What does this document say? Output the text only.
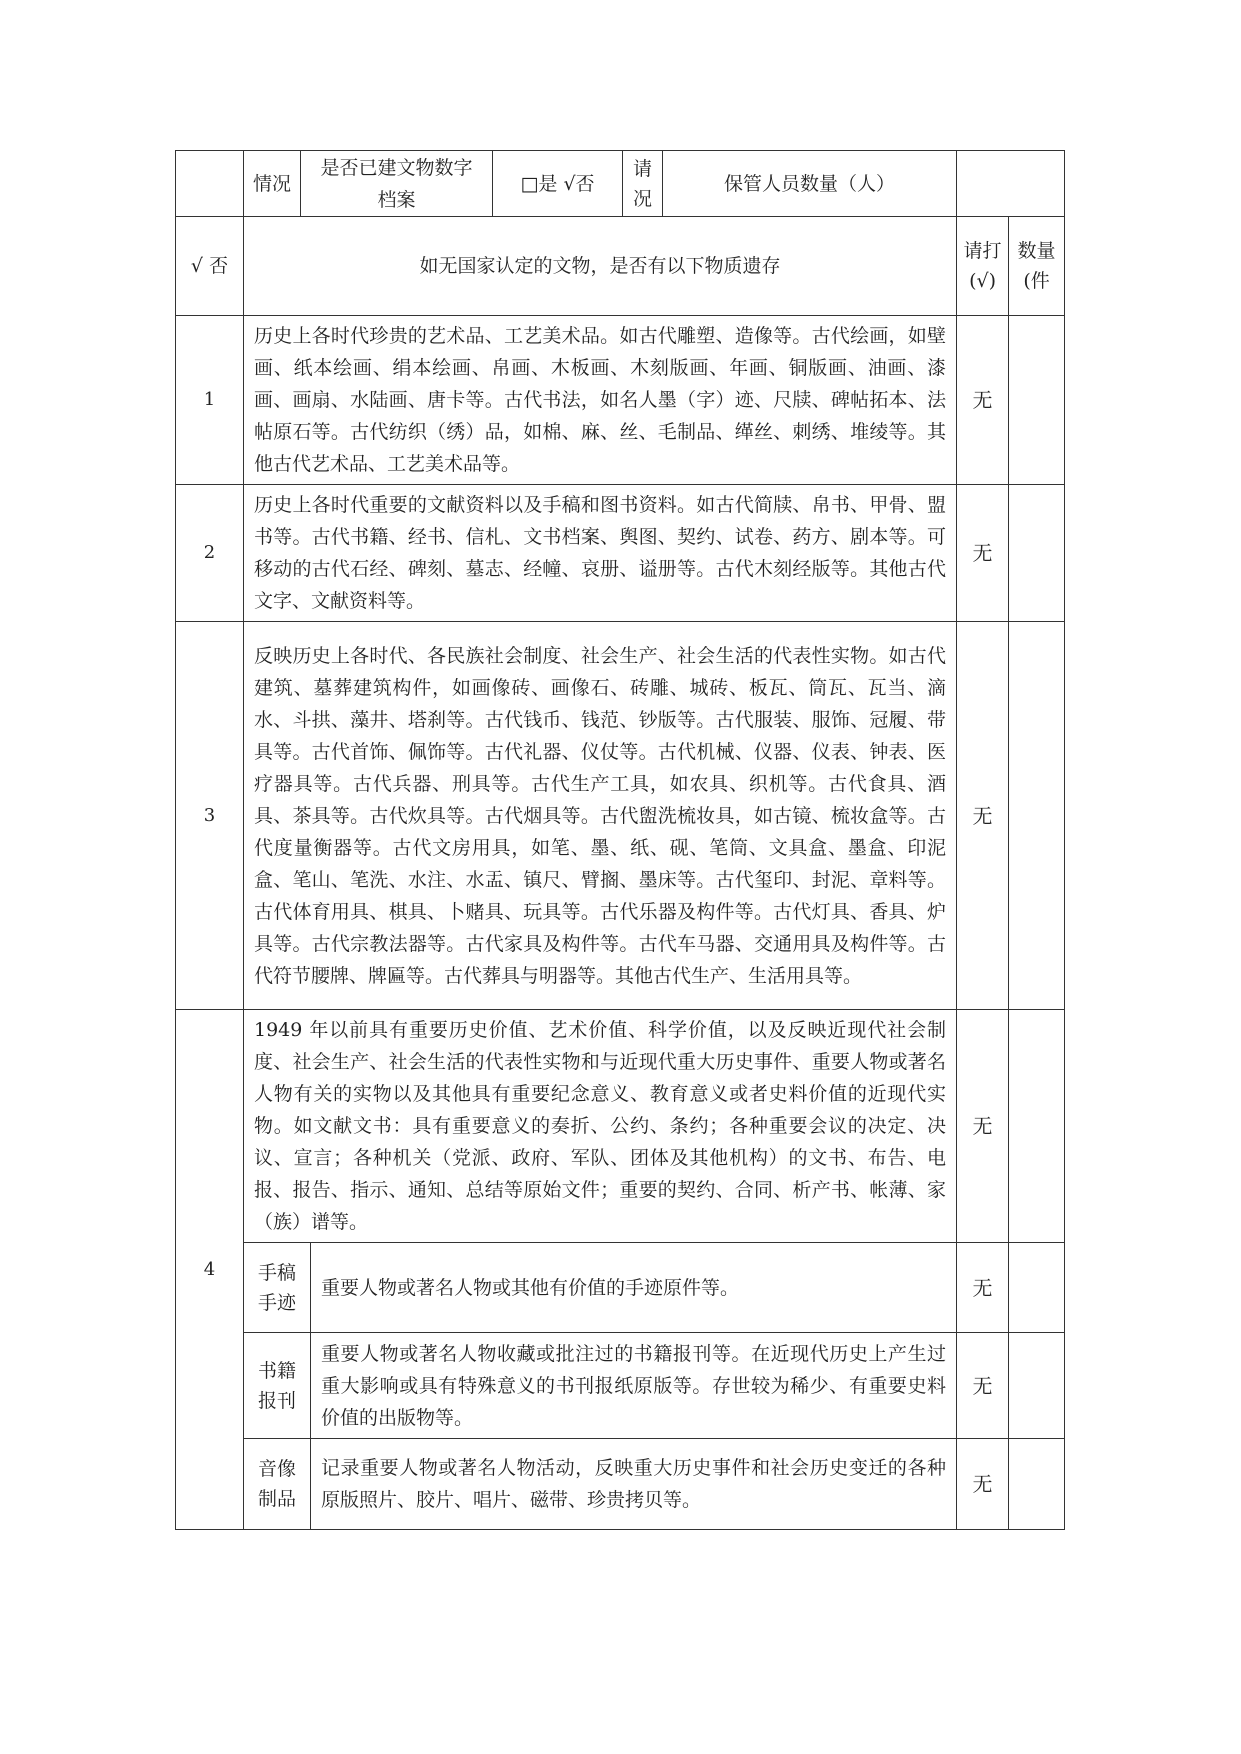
	情况	是否已建文物数字档案		□是 √否	请况	保管人员数量（人）		
√ 否	如无国家认定的文物，是否有以下物质遗存						请打(√)	数量(件
1	历史上各时代珍贵的艺术品、工艺美术品。如古代雕塑、造像等。古代绘画，如壁画、纸本绘画、绢本绘画、帛画、木板画、木刻版画、年画、铜版画、油画、漆画、画扇、水陆画、唐卡等。古代书法，如名人墨（字）迹、尺牍、碑帖拓本、法帖原石等。古代纺织（绣）品，如棉、麻、丝、毛制品、缂丝、刺绣、堆绫等。其他古代艺术品、工艺美术品等。						无	
2	历史上各时代重要的文献资料以及手稿和图书资料。如古代简牍、帛书、甲骨、盟书等。古代书籍、经书、信札、文书档案、舆图、契约、试卷、药方、剧本等。可移动的古代石经、碑刻、墓志、经幢、哀册、谥册等。古代木刻经版等。其他古代文字、文献资料等。						无	
3	反映历史上各时代、各民族社会制度、社会生产、社会生活的代表性实物。如古代建筑、墓葬建筑构件，如画像砖、画像石、砖雕、城砖、板瓦、筒瓦、瓦当、滴水、斗拱、藻井、塔刹等。古代钱币、钱范、钞版等。古代服装、服饰、冠履、带具等。古代首饰、佩饰等。古代礼器、仪仗等。古代机械、仪器、仪表、钟表、医疗器具等。古代兵器、刑具等。古代生产工具，如农具、织机等。古代食具、酒具、茶具等。古代炊具等。古代烟具等。古代盥洗梳妆具，如古镜、梳妆盒等。古代度量衡器等。古代文房用具，如笔、墨、纸、砚、笔筒、文具盒、墨盒、印泥盒、笔山、笔洗、水注、水盂、镇尺、臂搁、墨床等。古代玺印、封泥、章料等。古代体育用具、棋具、卜赌具、玩具等。古代乐器及构件等。古代灯具、香具、炉具等。古代宗教法器等。古代家具及构件等。古代车马器、交通用具及构件等。古代符节腰牌、牌匾等。古代葬具与明器等。其他古代生产、生活用具等。						无	
4	1949 年以前具有重要历史价值、艺术价值、科学价值，以及反映近现代社会制度、社会生产、社会生活的代表性实物和与近现代重大历史事件、重要人物或著名人物有关的实物以及其他具有重要纪念意义、教育意义或者史料价值的近现代实物。如文献文书：具有重要意义的奏折、公约、条约；各种重要会议的决定、决议、宣言；各种机关（党派、政府、军队、团体及其他机构）的文书、布告、电报、报告、指示、通知、总结等原始文件；重要的契约、合同、析产书、帐薄、家（族）谱等。						无	
	手稿手迹		重要人物或著名人物或其他有价值的手迹原件等。				无	
	书籍报刊		重要人物或著名人物收藏或批注过的书籍报刊等。在近现代历史上产生过重大影响或具有特殊意义的书刊报纸原版等。存世较为稀少、有重要史料价值的出版物等。				无	
	音像制品		记录重要人物或著名人物活动，反映重大历史事件和社会历史变迁的各种原版照片、胶片、唱片、磁带、珍贵拷贝等。				无	
